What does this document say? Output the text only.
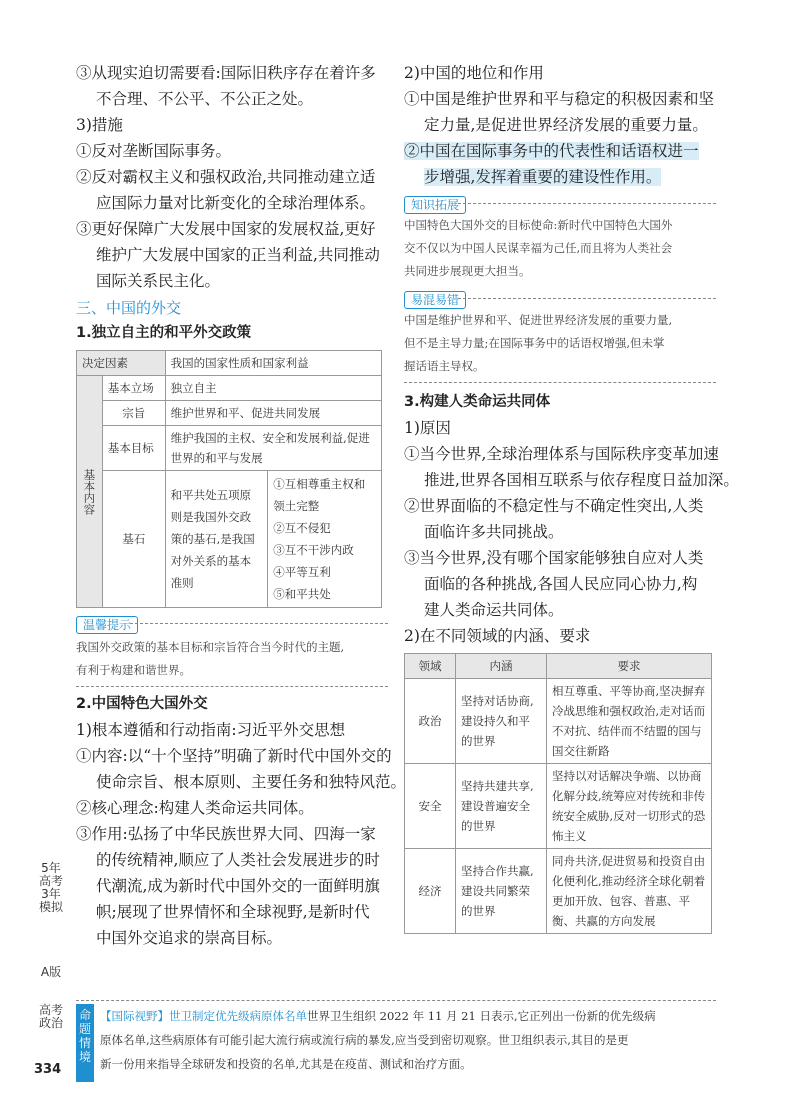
③从现实迫切需要看:国际旧秩序存在着许多
不合理、不公平、不公正之处。
3)措施
①反对垄断国际事务。
②反对霸权主义和强权政治,共同推动建立适
应国际力量对比新变化的全球治理体系。
③更好保障广大发展中国家的发展权益,更好
维护广大发展中国家的正当利益,共同推动
国际关系民主化。
三、中国的外交
1.独立自主的和平外交政策
决定因素		我国的国家性质和国家利益	
基本内容	基本立场	独立自主	
	宗旨	维护世界和平、促进共同发展	
	基本目标	维护我国的主权、安全和发展利益,促进世界的和平与发展	
	基石	和平共处五项原则是我国外交政策的基石,是我国对外关系的基本准则	①互相尊重主权和领土完整
②互不侵犯
③互不干涉内政
④平等互利
⑤和平共处
温馨提示
我国外交政策的基本目标和宗旨符合当今时代的主题,
有利于构建和谐世界。
2.中国特色大国外交
1)根本遵循和行动指南:习近平外交思想
①内容:以“十个坚持”明确了新时代中国外交的
使命宗旨、根本原则、主要任务和独特风范。
②核心理念:构建人类命运共同体。
③作用:弘扬了中华民族世界大同、四海一家
的传统精神,顺应了人类社会发展进步的时
代潮流,成为新时代中国外交的一面鲜明旗
帜;展现了世界情怀和全球视野,是新时代
中国外交追求的崇高目标。
2)中国的地位和作用
①中国是维护世界和平与稳定的积极因素和坚
定力量,是促进世界经济发展的重要力量。
②中国在国际事务中的代表性和话语权进一
步增强,发挥着重要的建设性作用。
知识拓展
中国特色大国外交的目标使命:新时代中国特色大国外
交不仅以为中国人民谋幸福为己任,而且将为人类社会
共同进步展现更大担当。
易混易错
中国是维护世界和平、促进世界经济发展的重要力量,
但不是主导力量;在国际事务中的话语权增强,但未掌
握话语主导权。
3.构建人类命运共同体
1)原因
①当今世界,全球治理体系与国际秩序变革加速
推进,世界各国相互联系与依存程度日益加深。
②世界面临的不稳定性与不确定性突出,人类
面临许多共同挑战。
③当今世界,没有哪个国家能够独自应对人类
面临的各种挑战,各国人民应同心协力,构
建人类命运共同体。
2)在不同领域的内涵、要求
领域	内涵	要求
政治	坚持对话协商,建设持久和平的世界	相互尊重、平等协商,坚决摒弃冷战思维和强权政治,走对话而不对抗、结伴而不结盟的国与国交往新路
安全	坚持共建共享,建设普遍安全的世界	坚持以对话解决争端、以协商化解分歧,统筹应对传统和非传统安全威胁,反对一切形式的恐怖主义
经济	坚持合作共赢,建设共同繁荣的世界	同舟共济,促进贸易和投资自由化便利化,推动经济全球化朝着更加开放、包容、普惠、平衡、共赢的方向发展
5年高考3年模拟
A版
高考政治
334
命题情境
【国际视野】世卫制定优先级病原体名单世界卫生组织 2022 年 11 月 21 日表示,它正列出一份新的优先级病
原体名单,这些病原体有可能引起大流行病或流行病的暴发,应当受到密切观察。世卫组织表示,其目的是更
新一份用来指导全球研发和投资的名单,尤其是在疫苗、测试和治疗方面。
